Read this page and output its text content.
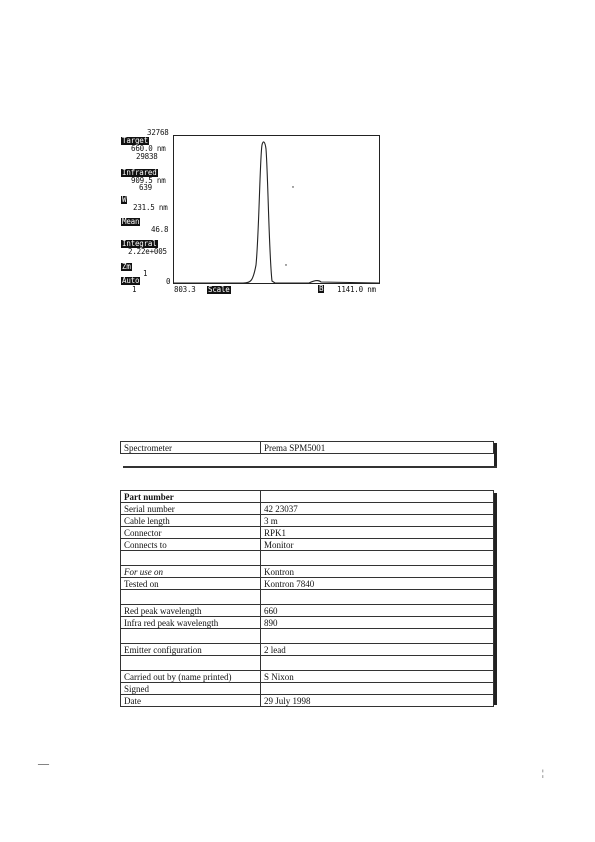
32768
Target
660.0 nm
29838
Infrared
909.5 nm
639
W
231.5 nm
Mean
46.8
Integral
2.22e+005
Zm
1
Auto	0
1	803.3 Scale	B 1141.0 nm
Spectrometer	Prema SPM5001
Part number	
Serial number	42 23037
Cable length	3 m
Connector	RPK1
Connects to	Monitor

For use on	Kontron
Tested on	Kontron 7840

Red peak wavelength	660
Infra red peak wavelength	890

Emitter configuration	2 lead

Carried out by (name printed)	S Nixon
Signed	
Date	29 July 1998
—
¦
